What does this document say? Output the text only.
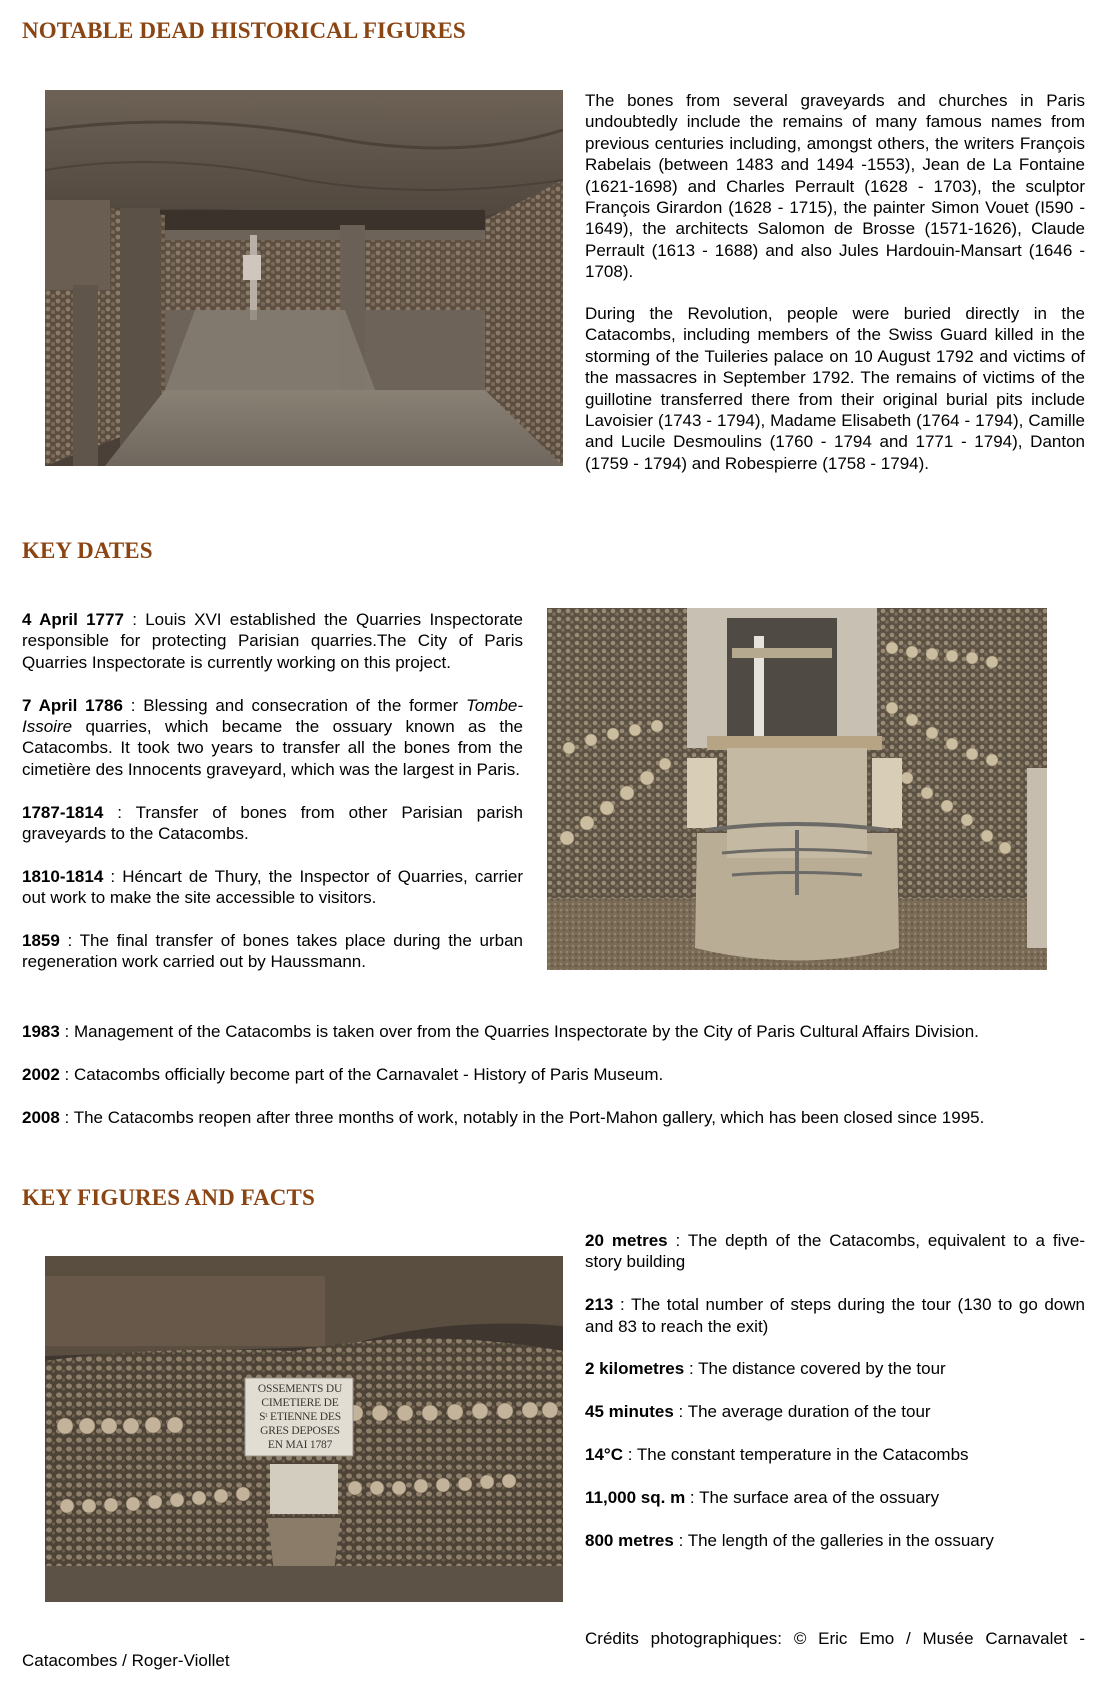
NOTABLE DEAD HISTORICAL FIGURES
The bones from several graveyards and churches in Paris undoubtedly include the remains of many famous names from previous centuries including, amongst others, the writers François Rabelais (between 1483 and 1494 -1553), Jean de La Fontaine (1621-1698) and Charles Perrault (1628 - 1703), the sculptor François Girardon (1628 - 1715), the painter Simon Vouet (I590 - 1649), the architects Salomon de Brosse (1571-1626), Claude Perrault (1613 - 1688) and also Jules Hardouin-Mansart (1646 - 1708).
During the Revolution, people were buried directly in the Catacombs, including members of the Swiss Guard killed in the storming of the Tuileries palace on 10 August 1792 and victims of the massacres in September 1792. The remains of victims of the guillotine transferred there from their original burial pits include Lavoisier (1743 - 1794), Madame Elisabeth (1764 - 1794), Camille and Lucile Desmoulins (1760 - 1794 and 1771 - 1794), Danton (1759 - 1794) and Robespierre (1758 - 1794).
KEY DATES

4 April 1777 : Louis XVI established the Quarries Inspectorate responsible for protecting Parisian quarries.The City of Paris Quarries Inspectorate is currently working on this project.

7 April 1786 : Blessing and consecration of the former Tombe-Issoire quarries, which became the ossuary known as the Catacombs. It took two years to transfer all the bones from the cimetière des Innocents graveyard, which was the largest in Paris.

1787-1814 : Transfer of bones from other Parisian parish graveyards to the Catacombs.

1810-1814 : Héncart de Thury, the Inspector of Quarries, carrier out work to make the site accessible to visitors.

1859 : The final transfer of bones takes place during the urban regeneration work carried out by Haussmann.

1983 : Management of the Catacombs is taken over from the Quarries Inspectorate by the City of Paris Cultural Affairs Division.

2002 : Catacombs officially become part of the Carnavalet - History of Paris Museum.

2008 : The Catacombs reopen after three months of work, notably in the Port-Mahon gallery, which has been closed since 1995.

KEY FIGURES AND FACTS
OSSEMENTS DU
CIMETIERE DE
Sᵗ ETIENNE DES
GRES DEPOSES
EN MAI 1787

20 metres : The depth of the Catacombs, equivalent to a five-story building

213 : The total number of steps during the tour (130 to go down and 83 to reach the exit)

2 kilometres : The distance covered by the tour

45 minutes : The average duration of the tour

14°C : The constant temperature in the Catacombs

11,000 sq. m : The surface area of the ossuary

800 metres : The length of the galleries in the ossuary

Crédits photographiques: © Eric Emo / Musée Carnavalet -

Catacombes / Roger-Viollet
